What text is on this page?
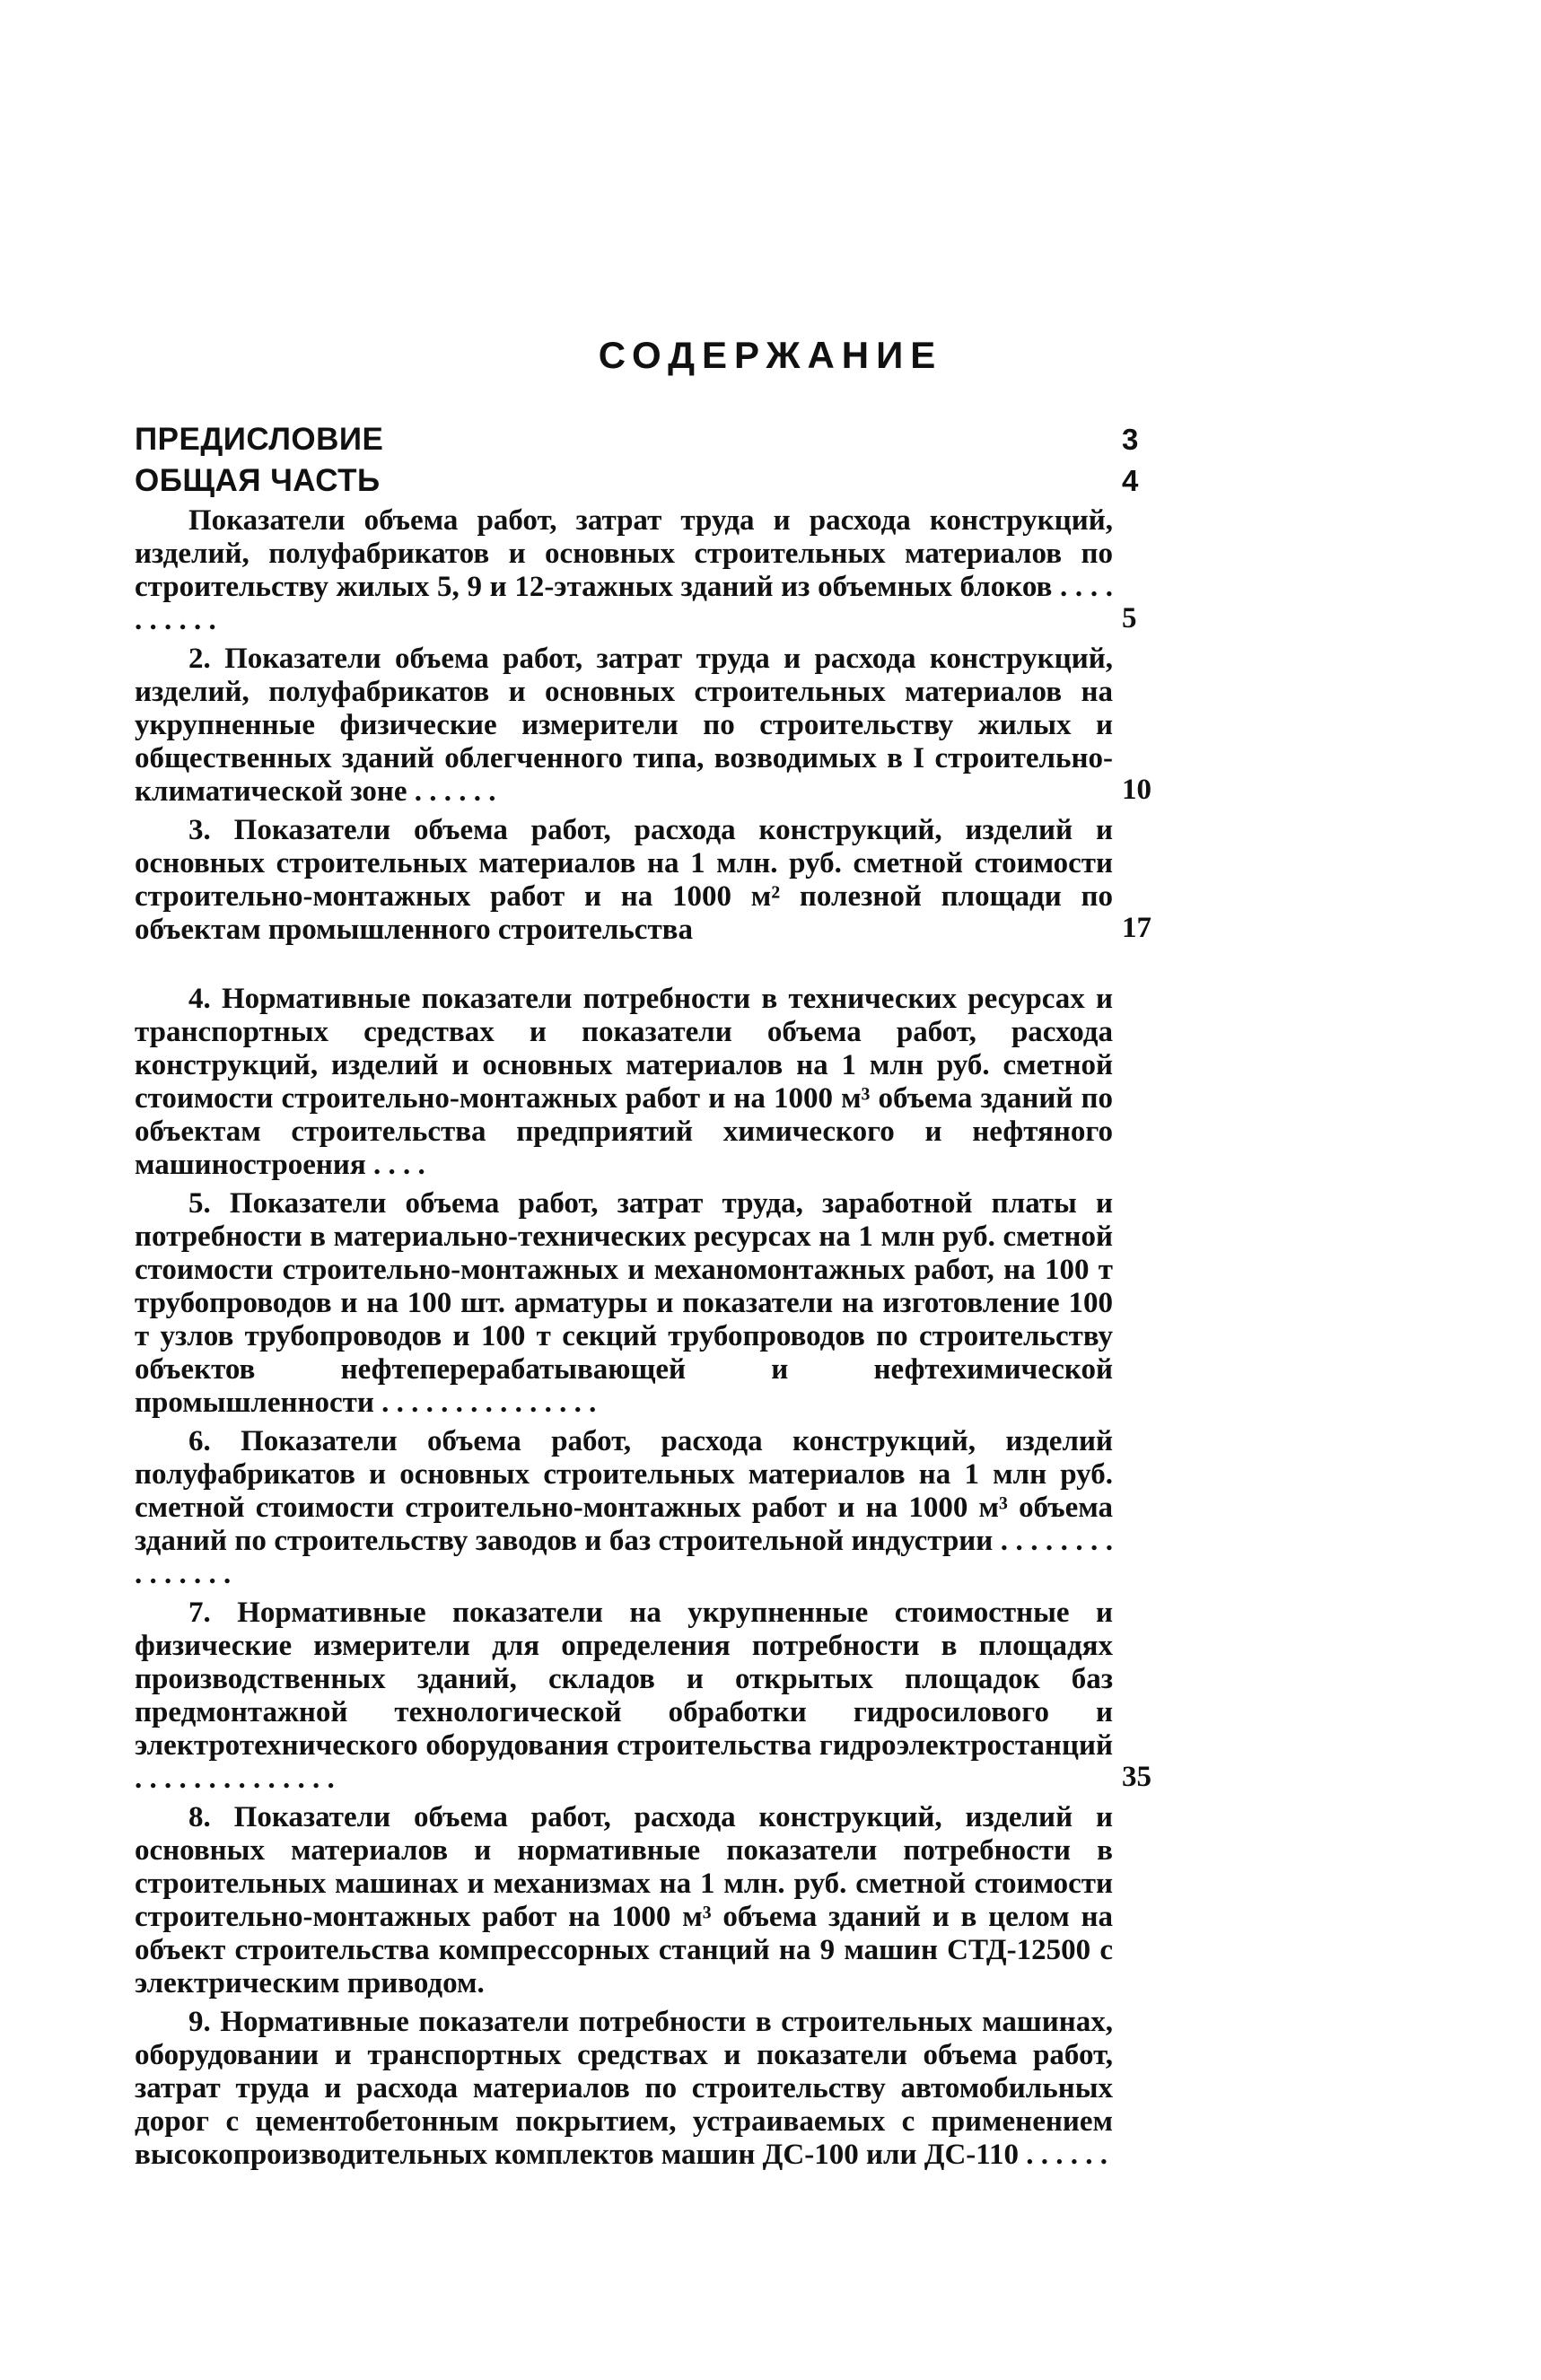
СОДЕРЖАНИЕ
ПРЕДИСЛОВИЕ	3
ОБЩАЯ ЧАСТЬ	4
Показатели объема работ, затрат труда и расхода конструкций, изделий, полуфабрикатов и основных строительных материалов по строительству жилых 5, 9 и 12-этажных зданий из объемных блоков . . . . . . . . . .	5
2. Показатели объема работ, затрат труда и расхода конструкций, изделий, полуфабрикатов и основных строительных материалов на укрупненные физические измерители по строительству жилых и общественных зданий облегченного типа, возводимых в I строительно-климатической зоне . . . . . .	10
3. Показатели объема работ, расхода конструкций, изделий и основных строительных материалов на 1 млн. руб. сметной стоимости строительно-монтажных работ и на 1000 м² полезной площади по объектам промышленного строительства	17
4. Нормативные показатели потребности в технических ресурсах и транспортных средствах и показатели объема работ, расхода конструкций, изделий и основных материалов на 1 млн руб. сметной стоимости строительно-монтажных работ и на 1000 м³ объема зданий по объектам строительства предприятий химического и нефтяного машиностроения . . . .
5. Показатели объема работ, затрат труда, заработной платы и потребности в материально-технических ресурсах на 1 млн руб. сметной стоимости строительно-монтажных и механомонтажных работ, на 100 т трубопроводов и на 100 шт. арматуры и показатели на изготовление 100 т узлов трубопроводов и 100 т секций трубопроводов по строительству объектов нефтеперерабатывающей и нефтехимической промышленности . . . . . . . . . . . . . . .
6. Показатели объема работ, расхода конструкций, изделий полуфабрикатов и основных строительных материалов на 1 млн руб. сметной стоимости строительно-монтажных работ и на 1000 м³ объема зданий по строительству заводов и баз строительной индустрии . . . . . . . . . . . . . . .
7. Нормативные показатели на укрупненные стоимостные и физические измерители для определения потребности в площадях производственных зданий, складов и открытых площадок баз предмонтажной технологической обработки гидросилового и электротехнического оборудования строительства гидроэлектростанций . . . . . . . . . . . . . .	35
8. Показатели объема работ, расхода конструкций, изделий и основных материалов и нормативные показатели потребности в строительных машинах и механизмах на 1 млн. руб. сметной стоимости строительно-монтажных работ на 1000 м³ объема зданий и в целом на объект строительства компрессорных станций на 9 машин СТД-12500 с электрическим приводом.
9. Нормативные показатели потребности в строительных машинах, оборудовании и транспортных средствах и показатели объема работ, затрат труда и расхода материалов по строительству автомобильных дорог с цементобетонным покрытием, устраиваемых с применением высокопроизводительных комплектов машин ДС-100 или ДС-110 . . . . . .
